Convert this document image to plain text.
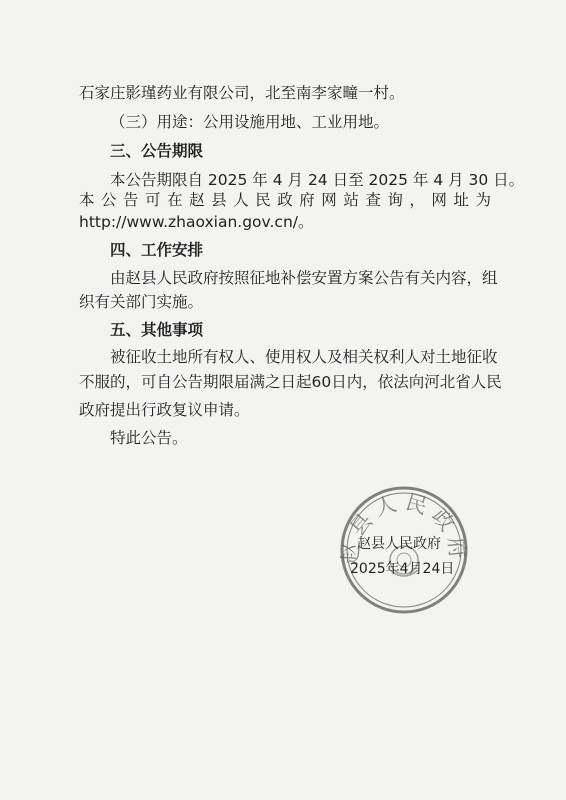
石家庄影瑾药业有限公司，北至南李家疃一村。
（三）用途：公用设施用地、工业用地。
三、公告期限
本公告期限自 2025 年 4 月 24 日至 2025 年 4 月 30 日。
本公告可在赵县人民政府网站查询，网址为
http://www.zhaoxian.gov.cn/。
四、工作安排
由赵县人民政府按照征地补偿安置方案公告有关内容，组
织有关部门实施。
五、其他事项
被征收土地所有权人、使用权人及相关权利人对土地征收
不服的，可自公告期限届满之日起60日内，依法向河北省人民
政府提出行政复议申请。
特此公告。
赵县人民政府
赵县人民政府
2025年4月24日
